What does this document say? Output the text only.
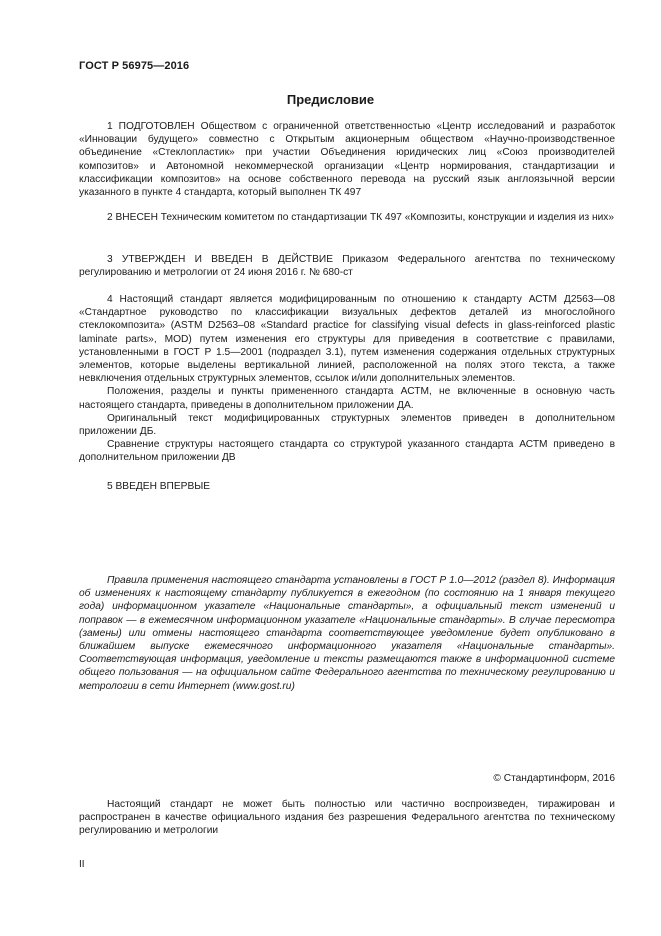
ГОСТ Р 56975—2016
Предисловие

1 ПОДГОТОВЛЕН Обществом с ограниченной ответственностью «Центр исследований и разработок «Инновации будущего» совместно с Открытым акционерным обществом «Научно-производственное объединение «Стеклопластик» при участии Объединения юридических лиц «Союз производителей композитов» и Автономной некоммерческой организации «Центр нормирования, стандартизации и классификации композитов» на основе собственного перевода на русский язык англоязычной версии указанного в пункте 4 стандарта, который выполнен ТК 497

2 ВНЕСЕН Техническим комитетом по стандартизации ТК 497 «Композиты, конструкции и изделия из них»

3 УТВЕРЖДЕН И ВВЕДЕН В ДЕЙСТВИЕ Приказом Федерального агентства по техническому регулированию и метрологии от 24 июня 2016 г. № 680-ст

4 Настоящий стандарт является модифицированным по отношению к стандарту АСТМ Д2563—08 «Стандартное руководство по классификации визуальных дефектов деталей из многослойного стеклокомпозита» (ASTM D2563–08 «Standard practice for classifying visual defects in glass-reinforced plastic laminate parts», MOD) путем изменения его структуры для приведения в соответствие с правилами, установленными в ГОСТ Р 1.5—2001 (подраздел 3.1), путем изменения содержания отдельных структурных элементов, которые выделены вертикальной линией, расположенной на полях этого текста, а также невключения отдельных структурных элементов, ссылок и/или дополнительных элементов.

Положения, разделы и пункты примененного стандарта АСТМ, не включенные в основную часть настоящего стандарта, приведены в дополнительном приложении ДА.

Оригинальный текст модифицированных структурных элементов приведен в дополнительном приложении ДБ.

Сравнение структуры настоящего стандарта со структурой указанного стандарта АСТМ приведено в дополнительном приложении ДВ

5 ВВЕДЕН ВПЕРВЫЕ

Правила применения настоящего стандарта установлены в ГОСТ Р 1.0—2012 (раздел 8). Информация об изменениях к настоящему стандарту публикуется в ежегодном (по состоянию на 1 января текущего года) информационном указателе «Национальные стандарты», а официальный текст изменений и поправок — в ежемесячном информационном указателе «Национальные стандарты». В случае пересмотра (замены) или отмены настоящего стандарта соответствующее уведомление будет опубликовано в ближайшем выпуске ежемесячного информационного указателя «Национальные стандарты». Соответствующая информация, уведомление и тексты размещаются также в информационной системе общего пользования — на официальном сайте Федерального агентства по техническому регулированию и метрологии в сети Интернет (www.gost.ru)

© Стандартинформ, 2016

Настоящий стандарт не может быть полностью или частично воспроизведен, тиражирован и распространен в качестве официального издания без разрешения Федерального агентства по техническому регулированию и метрологии

II
